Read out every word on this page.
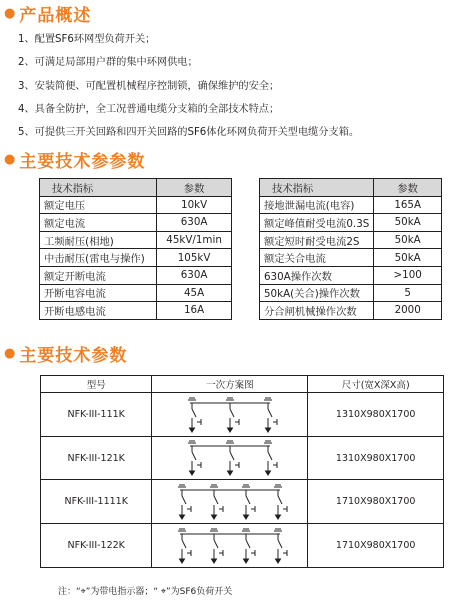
● 产品概述
1、配置SF6环网型负荷开关；
2、可满足局部用户群的集中环网供电；
3、安装简便、可配置机械程序控制锁，确保维护的安全；
4、具备全防护，全工况普通电缆分支箱的全部技术特点；
5、可提供三开关回路和四开关回路的SF6体化环网负荷开关型电缆分支箱。
● 主要技术参参数
技术指标	参数
额定电压	10kV
额定电流	630A
工频耐压(相地)	45kV/1min
中击耐压(雷电与操作)	105kV
额定开断电流	630A
开断电容电流	45A
开断电感电流	16A
技术指标	参数
接地泄漏电流(电容)	165A
额定峰值耐受电流0.3S	50kA
额定短时耐受电流2S	50kA
额定关合电流	50kA
630A操作次数	>100
50kA(关合)操作次数	5
分合闸机械操作次数	2000
● 主要技术参数
型号	一次方案图	尺寸(宽X深X高)
NFK-III-111K		1310X980X1700
NFK-III-121K		1310X980X1700
NFK-III-1111K		1710X980X1700
NFK-III-122K		1710X980X1700
注：“⌖”为带电指示器；“ ⌖”为SF6负荷开关
